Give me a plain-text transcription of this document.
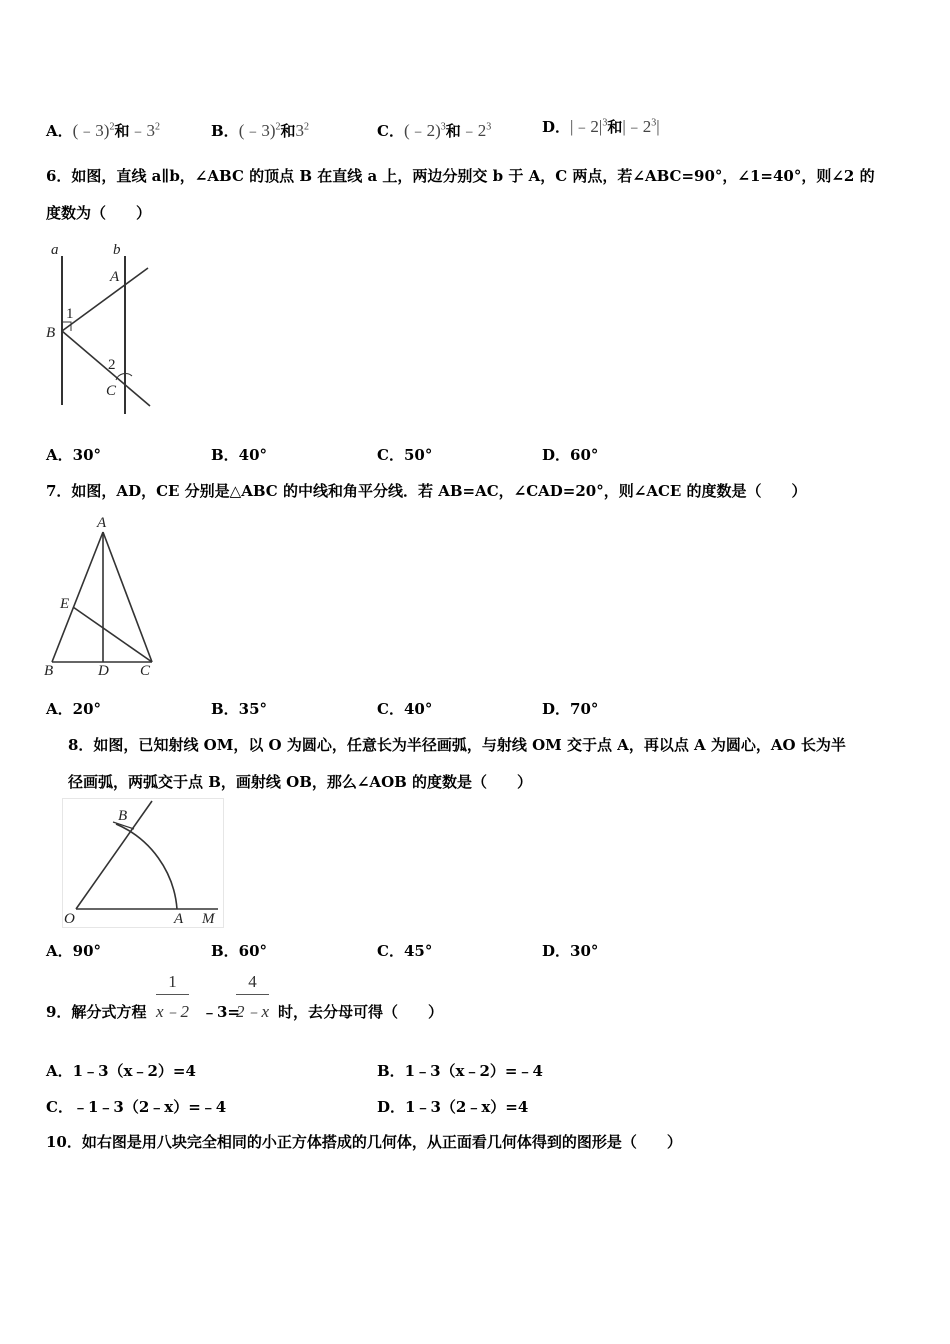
A．(﹣3)$^2$和$﹣3^2$	B．(﹣3)$^2$和$3^2$	C．(﹣2)$^3$和$﹣2^3$	D．$|﹣2|^3$和$|﹣2^3|$
6．如图，直线 a∥b，∠ABC 的顶点 B 在直线 a 上，两边分别交 b 于 A，C 两点，若∠ABC=90°，∠1=40°，则∠2 的
度数为（　　）
a	b
A
B
C
1
2
A．30°	B．40°	C．50°	D．60°
7．如图，AD，CE 分别是△ABC 的中线和角平分线．若 AB=AC，∠CAD=20°，则∠ACE 的度数是（　　）
A
E
B	D C
A．20°	B．35°	C．40°	D．70°
8．如图，已知射线 OM，以 O 为圆心，任意长为半径画弧，与射线 OM 交于点 A，再以点 A 为圆心，AO 长为半
径画弧，两弧交于点 B，画射线 OB，那么∠AOB 的度数是（　　）
O	A M
B
A．90°	B．60°	C．45°	D．30°
9．解分式方程 $\frac{1}{x﹣2}$ ﹣3=
$\frac{4}{2﹣x}$ 时，去分母可得（　　）
A．1﹣3（x﹣2）=4	B．1﹣3（x﹣2）=﹣4
C．﹣1﹣3（2﹣x）=﹣4	D．1﹣3（2﹣x）=4
10．如右图是用八块完全相同的小正方体搭成的几何体，从正面看几何体得到的图形是（　　）
